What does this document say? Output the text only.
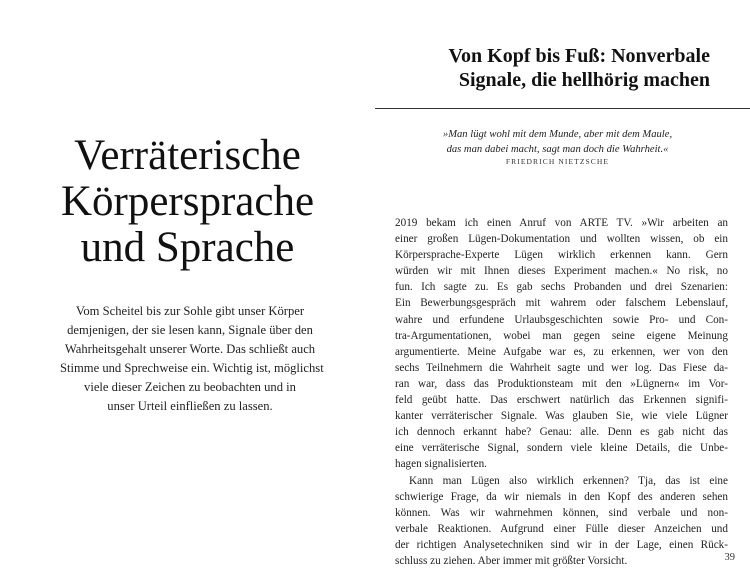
Verräterische
Körpersprache
und Sprache
Vom Scheitel bis zur Sohle gibt unser Körper
demjenigen, der sie lesen kann, Signale über den
Wahrheitsgehalt unserer Worte. Das schließt auch
Stimme und Sprechweise ein. Wichtig ist, möglichst
viele dieser Zeichen zu beobachten und in
unser Urteil einfließen zu lassen.
Von Kopf bis Fuß: Nonverbale
Signale, die hellhörig machen
»Man lügt wohl mit dem Munde, aber mit dem Maule,
das man dabei macht, sagt man doch die Wahrheit.«
FRIEDRICH NIETZSCHE
2019 bekam ich einen Anruf von ARTE TV. »Wir arbeiten an
einer großen Lügen-Dokumentation und wollten wissen, ob ein
Körpersprache-Experte Lügen wirklich erkennen kann. Gern
würden wir mit Ihnen dieses Experiment machen.« No risk, no
fun. Ich sagte zu. Es gab sechs Probanden und drei Szenarien:
Ein Bewerbungsgespräch mit wahrem oder falschem Lebenslauf,
wahre und erfundene Urlaubsgeschichten sowie Pro- und Con-
tra-Argumentationen, wobei man gegen seine eigene Meinung
argumentierte. Meine Aufgabe war es, zu erkennen, wer von den
sechs Teilnehmern die Wahrheit sagte und wer log. Das Fiese da-
ran war, dass das Produktionsteam mit den »Lügnern« im Vor-
feld geübt hatte. Das erschwert natürlich das Erkennen signifi-
kanter verräterischer Signale. Was glauben Sie, wie viele Lügner
ich dennoch erkannt habe? Genau: alle. Denn es gab nicht das
eine verräterische Signal, sondern viele kleine Details, die Unbe-
hagen signalisierten.
Kann man Lügen also wirklich erkennen? Tja, das ist eine
schwierige Frage, da wir niemals in den Kopf des anderen sehen
können. Was wir wahrnehmen können, sind verbale und non-
verbale Reaktionen. Aufgrund einer Fülle dieser Anzeichen und
der richtigen Analysetechniken sind wir in der Lage, einen Rück-
schluss zu ziehen. Aber immer mit größter Vorsicht.	39
